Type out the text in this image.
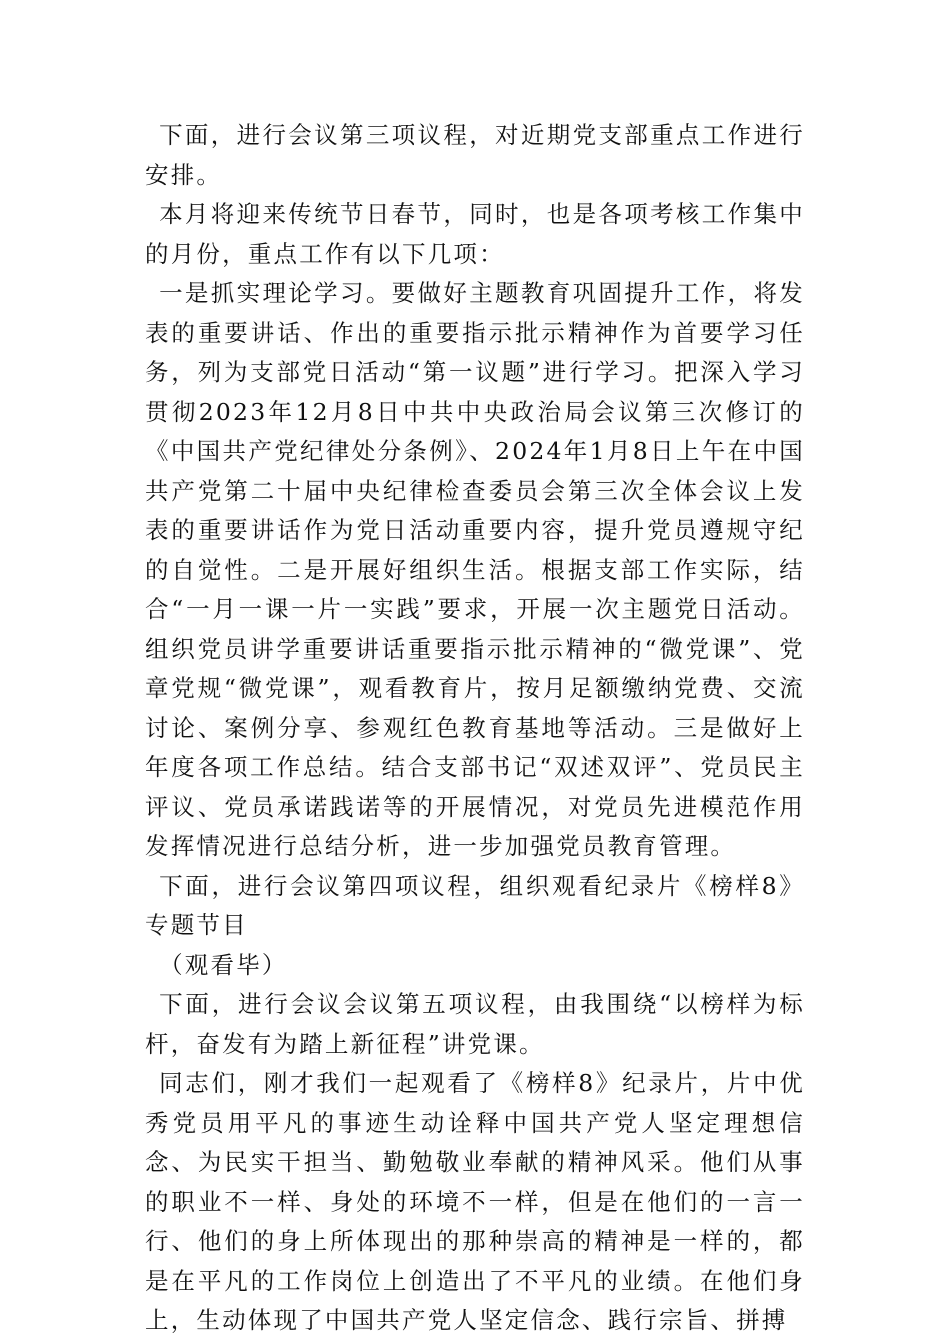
下面，进行会议第三项议程，对近期党支部重点工作进行安排。

本月将迎来传统节日春节，同时，也是各项考核工作集中的月份，重点工作有以下几项：

一是抓实理论学习。要做好主题教育巩固提升工作，将发表的重要讲话、作出的重要指示批示精神作为首要学习任务，列为支部党日活动“第一议题”进行学习。把深入学习贯彻2023年12月8日中共中央政治局会议第三次修订的《中国共产党纪律处分条例》、2024年1月8日上午在中国共产党第二十届中央纪律检查委员会第三次全体会议上发表的重要讲话作为党日活动重要内容，提升党员遵规守纪的自觉性。二是开展好组织生活。根据支部工作实际，结合“一月一课一片一实践”要求，开展一次主题党日活动。组织党员讲学重要讲话重要指示批示精神的“微党课”、党章党规“微党课”，观看教育片，按月足额缴纳党费、交流讨论、案例分享、参观红色教育基地等活动。三是做好上年度各项工作总结。结合支部书记“双述双评”、党员民主评议、党员承诺践诺等的开展情况，对党员先进模范作用发挥情况进行总结分析，进一步加强党员教育管理。

下面，进行会议第四项议程，组织观看纪录片《榜样8》专题节目

（观看毕）

下面，进行会议会议第五项议程，由我围绕“以榜样为标杆，奋发有为踏上新征程”讲党课。

同志们，刚才我们一起观看了《榜样8》纪录片，片中优秀党员用平凡的事迹生动诠释中国共产党人坚定理想信念、为民实干担当、勤勉敬业奉献的精神风采。他们从事的职业不一样、身处的环境不一样，但是在他们的一言一行、他们的身上所体现出的那种崇高的精神是一样的，都是在平凡的工作岗位上创造出了不平凡的业绩。在他们身上，生动体现了中国共产党人坚定信念、践行宗旨、拼搏
